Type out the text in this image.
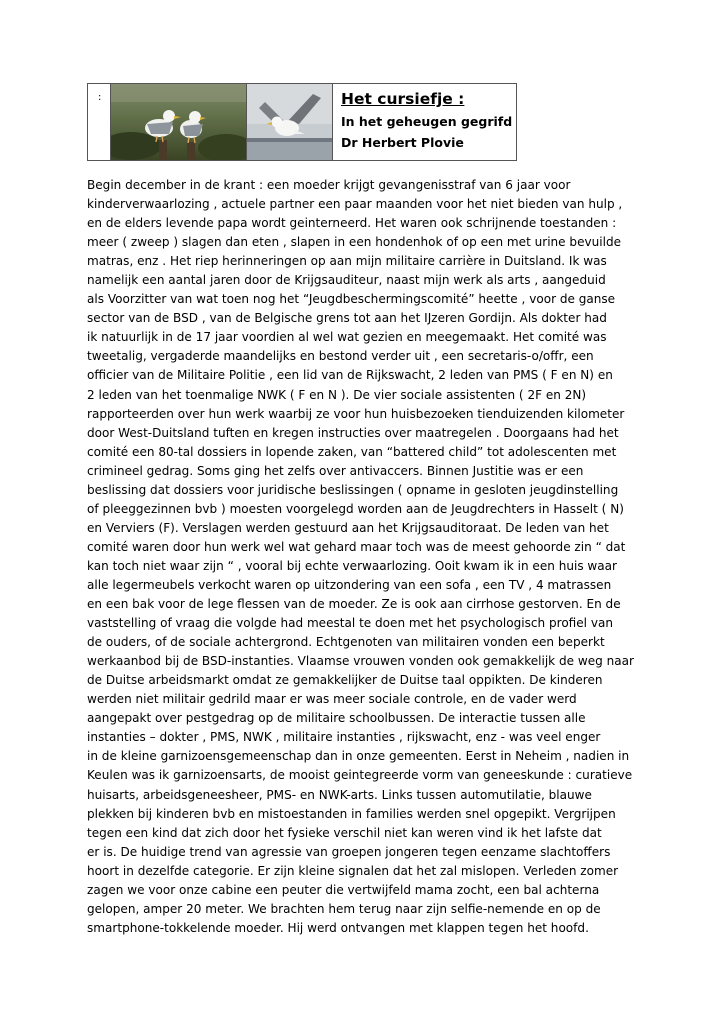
:			Het cursiefje :
In het geheugen gegrifd
Dr Herbert Plovie

Begin december in de krant : een moeder krijgt gevangenisstraf van 6 jaar voor
kinderverwaarlozing , actuele partner een paar maanden voor het niet bieden van hulp ,
en de elders levende papa wordt geinterneerd. Het waren ook schrijnende toestanden :
meer ( zweep ) slagen dan eten , slapen in een hondenhok of op een met urine bevuilde
matras, enz . Het riep herinneringen op aan mijn militaire carrière in Duitsland. Ik was
namelijk een aantal jaren door de Krijgsauditeur, naast mijn werk als arts , aangeduid
als Voorzitter van wat toen nog het “Jeugdbeschermingscomité” heette , voor de ganse
sector van de BSD , van de Belgische grens tot aan het IJzeren Gordijn. Als dokter had
ik natuurlijk in de 17 jaar voordien al wel wat gezien en meegemaakt. Het comité was
tweetalig, vergaderde maandelijks en bestond verder uit , een secretaris-o/offr, een
officier van de Militaire Politie , een lid van de Rijkswacht, 2 leden van PMS ( F en N) en
2 leden van het toenmalige NWK ( F en N ). De vier sociale assistenten ( 2F en 2N)
rapporteerden over hun werk waarbij ze voor hun huisbezoeken tienduizenden kilometer
door West-Duitsland tuften en kregen instructies over maatregelen . Doorgaans had het
comité een 80-tal dossiers in lopende zaken, van “battered child” tot adolescenten met
crimineel gedrag. Soms ging het zelfs over antivaccers. Binnen Justitie was er een
beslissing dat dossiers voor juridische beslissingen ( opname in gesloten jeugdinstelling
of pleeggezinnen bvb ) moesten voorgelegd worden aan de Jeugdrechters in Hasselt ( N)
en Verviers (F). Verslagen werden gestuurd aan het Krijgsauditoraat. De leden van het
comité waren door hun werk wel wat gehard maar toch was de meest gehoorde zin “ dat
kan toch niet waar zijn “ , vooral bij echte verwaarlozing. Ooit kwam ik in een huis waar
alle legermeubels verkocht waren op uitzondering van een sofa , een TV , 4 matrassen
en een bak voor de lege flessen van de moeder. Ze is ook aan cirrhose gestorven. En de
vaststelling of vraag die volgde had meestal te doen met het psychologisch profiel van
de ouders, of de sociale achtergrond. Echtgenoten van militairen vonden een beperkt
werkaanbod bij de BSD-instanties. Vlaamse vrouwen vonden ook gemakkelijk de weg naar
de Duitse arbeidsmarkt omdat ze gemakkelijker de Duitse taal oppikten. De kinderen
werden niet militair gedrild maar er was meer sociale controle, en de vader werd
aangepakt over pestgedrag op de militaire schoolbussen. De interactie tussen alle
instanties – dokter , PMS, NWK , militaire instanties , rijkswacht, enz - was veel enger
in de kleine garnizoensgemeenschap dan in onze gemeenten. Eerst in Neheim , nadien in
Keulen was ik garnizoensarts, de mooist geintegreerde vorm van geneeskunde : curatieve
huisarts, arbeidsgeneesheer, PMS- en NWK-arts. Links tussen automutilatie, blauwe
plekken bij kinderen bvb en mistoestanden in families werden snel opgepikt. Vergrijpen
tegen een kind dat zich door het fysieke verschil niet kan weren vind ik het lafste dat
er is. De huidige trend van agressie van groepen jongeren tegen eenzame slachtoffers
hoort in dezelfde categorie. Er zijn kleine signalen dat het zal mislopen. Verleden zomer
zagen we voor onze cabine een peuter die vertwijfeld mama zocht, een bal achterna
gelopen, amper 20 meter. We brachten hem terug naar zijn selfie-nemende en op de
smartphone-tokkelende moeder. Hij werd ontvangen met klappen tegen het hoofd.
